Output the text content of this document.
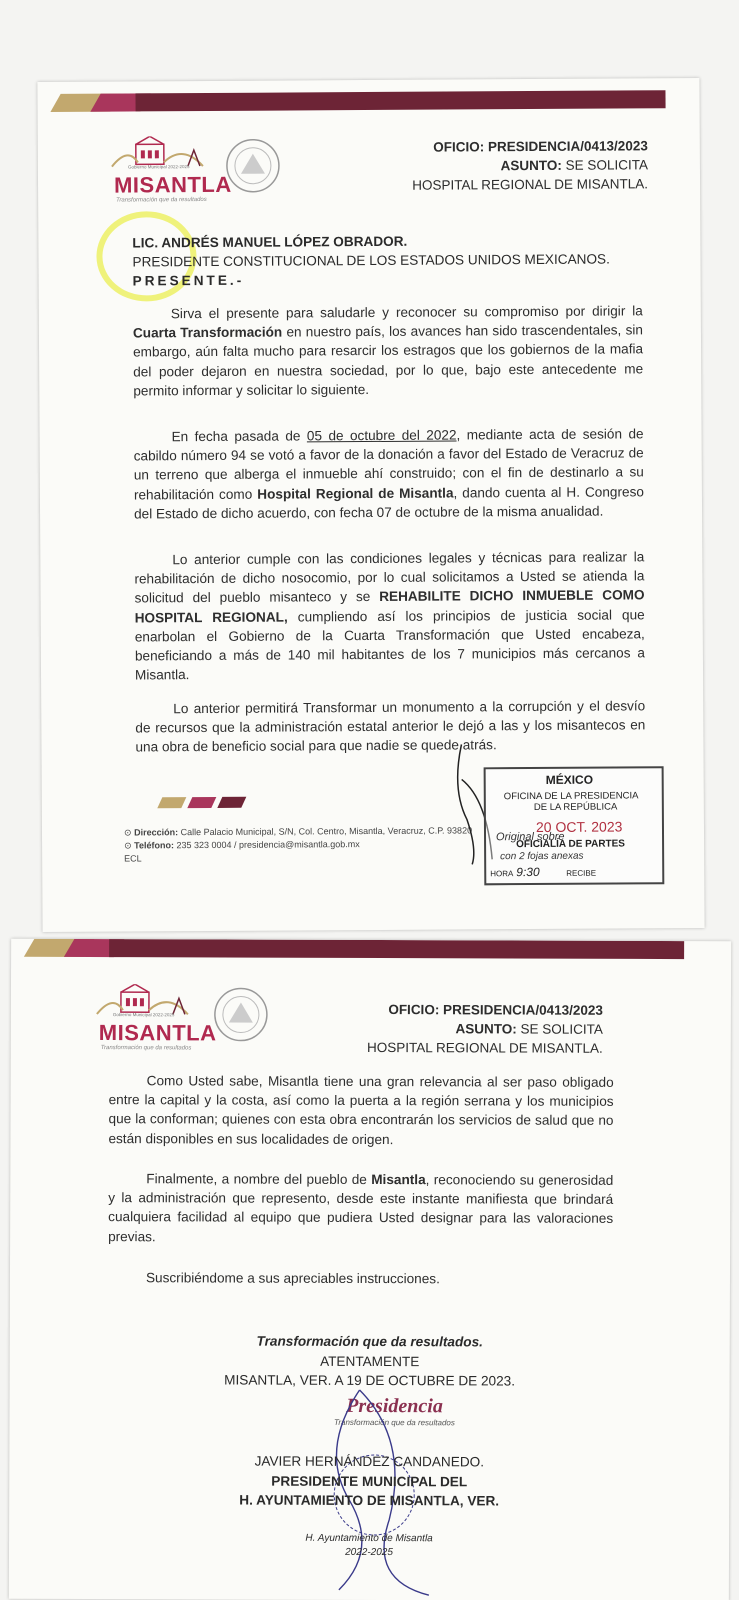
Gobierno Municipal 2022-2025
MISANTLA
Transformación que da resultados
OFICIO: PRESIDENCIA/0413/2023
ASUNTO: SE SOLICITA
HOSPITAL REGIONAL DE MISANTLA.
LIC. ANDRÉS MANUEL LÓPEZ OBRADOR.
PRESIDENTE CONSTITUCIONAL DE LOS ESTADOS UNIDOS MEXICANOS.
PRESENTE.-
Sirva el presente para saludarle y reconocer su compromiso por dirigir la Cuarta Transformación en nuestro país, los avances han sido trascendentales, sin embargo, aún falta mucho para resarcir los estragos que los gobiernos de la mafia del poder dejaron en nuestra sociedad, por lo que, bajo este antecedente me permito informar y solicitar lo siguiente.
En fecha pasada de 05 de octubre del 2022, mediante acta de sesión de cabildo número 94 se votó a favor de la donación a favor del Estado de Veracruz de un terreno que alberga el inmueble ahí construido; con el fin de destinarlo a su rehabilitación como Hospital Regional de Misantla, dando cuenta al H. Congreso del Estado de dicho acuerdo, con fecha 07 de octubre de la misma anualidad.
Lo anterior cumple con las condiciones legales y técnicas para realizar la rehabilitación de dicho nosocomio, por lo cual solicitamos a Usted se atienda la solicitud del pueblo misanteco y se REHABILITE DICHO INMUEBLE COMO HOSPITAL REGIONAL, cumpliendo así los principios de justicia social que enarbolan el Gobierno de la Cuarta Transformación que Usted encabeza, beneficiando a más de 140 mil habitantes de los 7 municipios más cercanos a Misantla.
Lo anterior permitirá Transformar un monumento a la corrupción y el desvío de recursos que la administración estatal anterior le dejó a las y los misantecos en una obra de beneficio social para que nadie se quede atrás.
⊙ Dirección: Calle Palacio Municipal, S/N, Col. Centro, Misantla, Veracruz, C.P. 93820
⊙ Teléfono: 235 323 0004 / presidencia@misantla.gob.mx
ECL
MÉXICO
OFICINA DE LA PRESIDENCIA
DE LA REPÚBLICA
20 OCT. 2023
Original sobre
OFICIALÍA DE PARTES
con 2 fojas anexas
HORA 9:30	RECIBE
Gobierno Municipal 2022-2025
MISANTLA
Transformación que da resultados
OFICIO: PRESIDENCIA/0413/2023
ASUNTO: SE SOLICITA
HOSPITAL REGIONAL DE MISANTLA.
Como Usted sabe, Misantla tiene una gran relevancia al ser paso obligado entre la capital y la costa, así como la puerta a la región serrana y los municipios que la conforman; quienes con esta obra encontrarán los servicios de salud que no están disponibles en sus localidades de origen.
Finalmente, a nombre del pueblo de Misantla, reconociendo su generosidad y la administración que represento, desde este instante manifiesta que brindará cualquiera facilidad al equipo que pudiera Usted designar para las valoraciones previas.
Suscribiéndome a sus apreciables instrucciones.
Transformación que da resultados.
ATENTAMENTE
MISANTLA, VER. A 19 DE OCTUBRE DE 2023.
Presidencia
Transformación que da resultados
JAVIER HERNÁNDEZ CANDANEDO.
PRESIDENTE MUNICIPAL DEL
H. AYUNTAMIENTO DE MISANTLA, VER.
H. Ayuntamiento de Misantla
2022-2025
